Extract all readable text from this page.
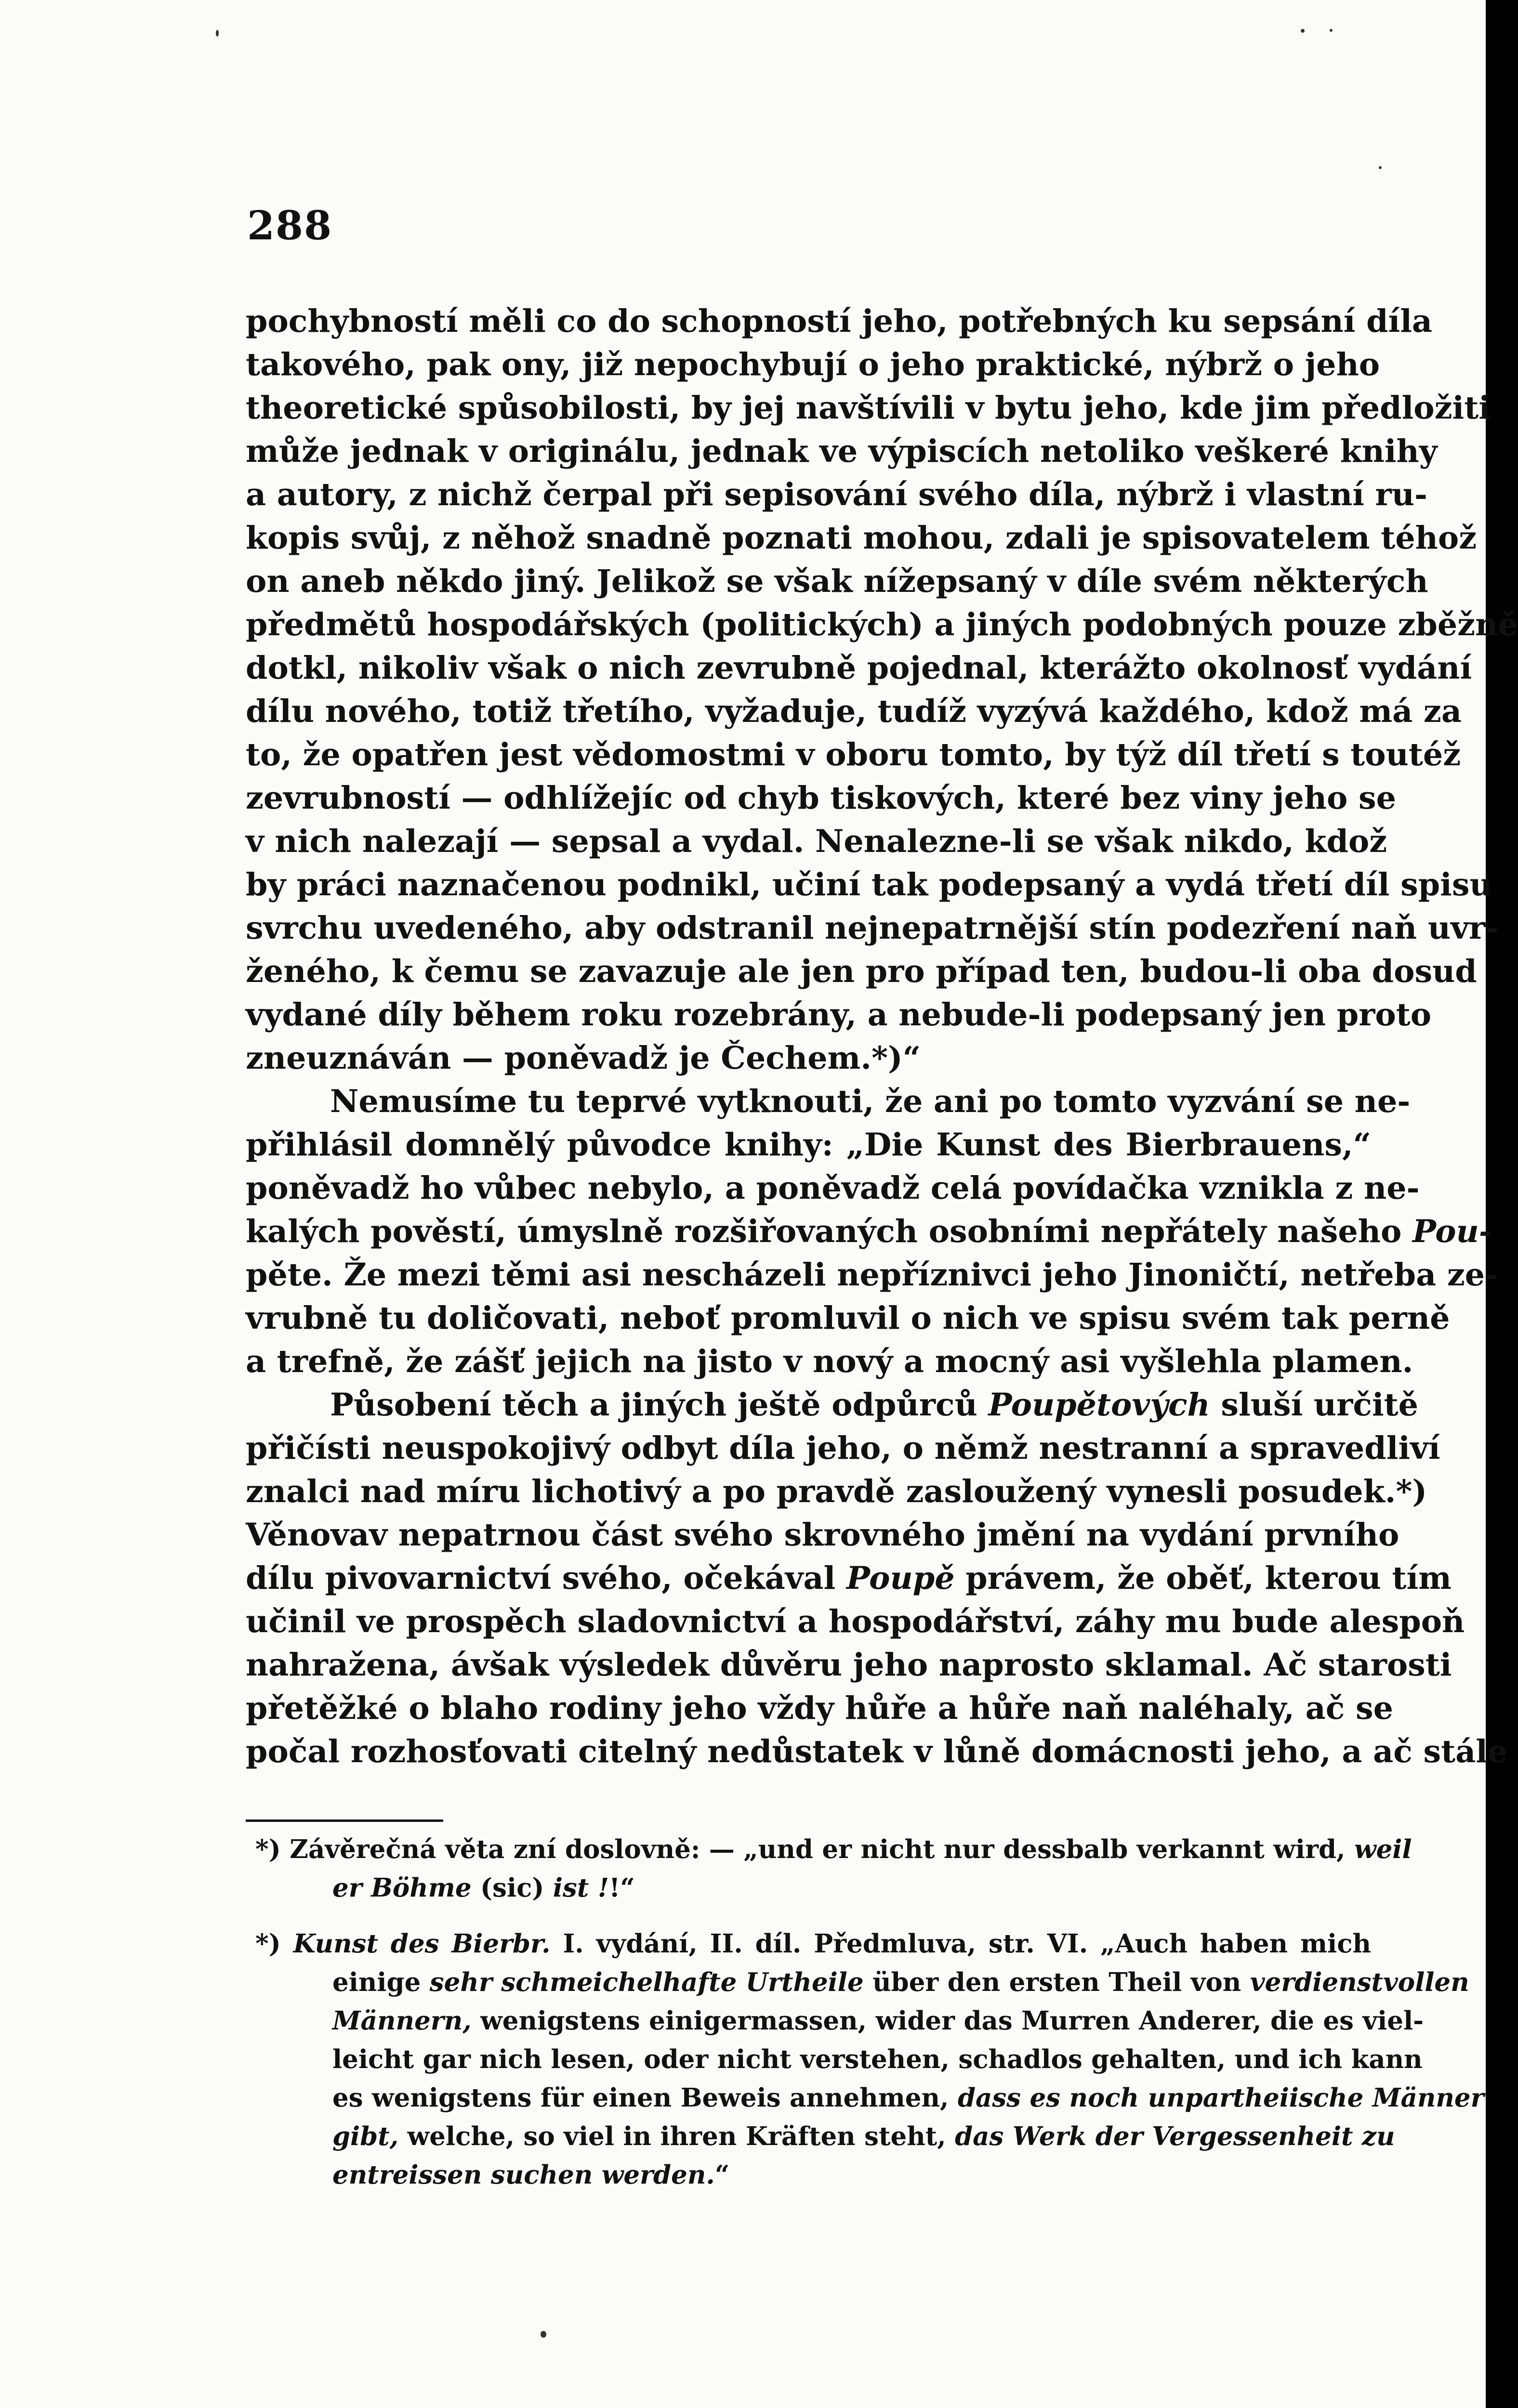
288
pochybností měli co do schopností jeho, potřebných ku sepsání díla
takového, pak ony, již nepochybují o jeho praktické, nýbrž o jeho
theoretické spůsobilosti, by jej navštívili v bytu jeho, kde jim předložiti
může jednak v originálu, jednak ve výpiscích netoliko veškeré knihy
a autory, z nichž čerpal při sepisování svého díla, nýbrž i vlastní ru-
kopis svůj, z něhož snadně poznati mohou, zdali je spisovatelem téhož
on aneb někdo jiný. Jelikož se však nížepsaný v díle svém některých
předmětů hospodářských (politických) a jiných podobných pouze zběžně
dotkl, nikoliv však o nich zevrubně pojednal, kterážto okolnosť vydání
dílu nového, totiž třetího, vyžaduje, tudíž vyzývá každého, kdož má za
to, že opatřen jest vědomostmi v oboru tomto, by týž díl třetí s toutéž
zevrubností — odhlížejíc od chyb tiskových, které bez viny jeho se
v nich nalezají — sepsal a vydal. Nenalezne-li se však nikdo, kdož
by práci naznačenou podnikl, učiní tak podepsaný a vydá třetí díl spisu
svrchu uvedeného, aby odstranil nejnepatrnější stín podezření naň uvr-
ženého, k čemu se zavazuje ale jen pro případ ten, budou-li oba dosud
vydané díly během roku rozebrány, a nebude-li podepsaný jen proto
zneuznáván — poněvadž je Čechem.*)“
Nemusíme tu teprvé vytknouti, že ani po tomto vyzvání se ne-
přihlásil domnělý původce knihy: „Die Kunst des Bierbrauens,“
poněvadž ho vůbec nebylo, a poněvadž celá povídačka vznikla z ne-
kalých pověstí, úmyslně rozšiřovaných osobními nepřátely našeho Pou-
pěte. Že mezi těmi asi nescházeli nepříznivci jeho Jinoničtí, netřeba ze-
vrubně tu doličovati, neboť promluvil o nich ve spisu svém tak perně
a trefně, že zášť jejich na jisto v nový a mocný asi vyšlehla plamen.
Působení těch a jiných ještě odpůrců Poupětových sluší určitě
přičísti neuspokojivý odbyt díla jeho, o němž nestranní a spravedliví
znalci nad míru lichotivý a po pravdě zasloužený vynesli posudek.*)
Věnovav nepatrnou část svého skrovného jmění na vydání prvního
dílu pivovarnictví svého, očekával Poupě právem, že oběť, kterou tím
učinil ve prospěch sladovnictví a hospodářství, záhy mu bude alespoň
nahražena, ávšak výsledek důvěru jeho naprosto sklamal. Ač starosti
přetěžké o blaho rodiny jeho vždy hůře a hůře naň naléhaly, ač se
počal rozhosťovati citelný nedůstatek v lůně domácnosti jeho, a ač stále
*) Závěrečná věta zní doslovně: — „und er nicht nur dessbalb verkannt wird, weil
er Böhme (sic) ist !!“
*) Kunst des Bierbr. I. vydání, II. díl. Předmluva, str. VI. „Auch haben mich
einige sehr schmeichelhafte Urtheile über den ersten Theil von verdienstvollen
Männern, wenigstens einigermassen, wider das Murren Anderer, die es viel-
leicht gar nich lesen, oder nicht verstehen, schadlos gehalten, und ich kann
es wenigstens für einen Beweis annehmen, dass es noch unpartheiische Männer
gibt, welche, so viel in ihren Kräften steht, das Werk der Vergessenheit zu
entreissen suchen werden.“
